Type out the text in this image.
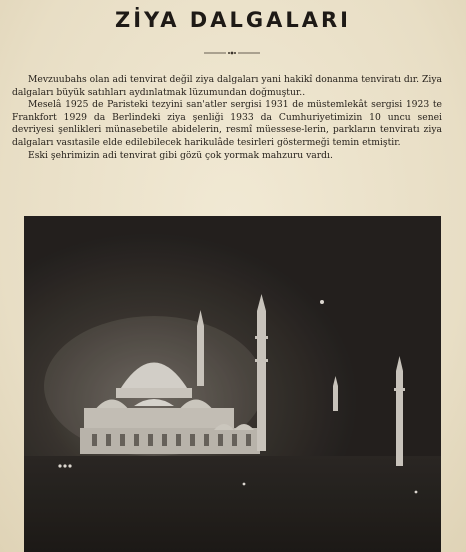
ZİYA DALGALARI

Mevzuubahs olan adi tenvirat değil ziya dalgaları yani hakikî donanma tenviratı dır. Ziya dalgaları büyük satıhları aydınlatmak lüzumundan doğmuştur..

Meselâ 1925 de Paristeki tezyini san'atler sergisi 1931 de müstemlekât sergisi 1923 te Frankfort 1929 da Berlindeki ziya şenliği 1933 da Cumhuriyetimizin 10 uncu senei devriyesi şenlikleri münasebetile abidelerin, resmî müessese-lerin, parkların tenviratı ziya dalgaları vasıtasile elde edilebilecek harikulâde tesirleri göstermeği temin etmiştir.

Eski şehrimizin adi tenvirat gibi gözü çok yormak mahzuru vardı.
